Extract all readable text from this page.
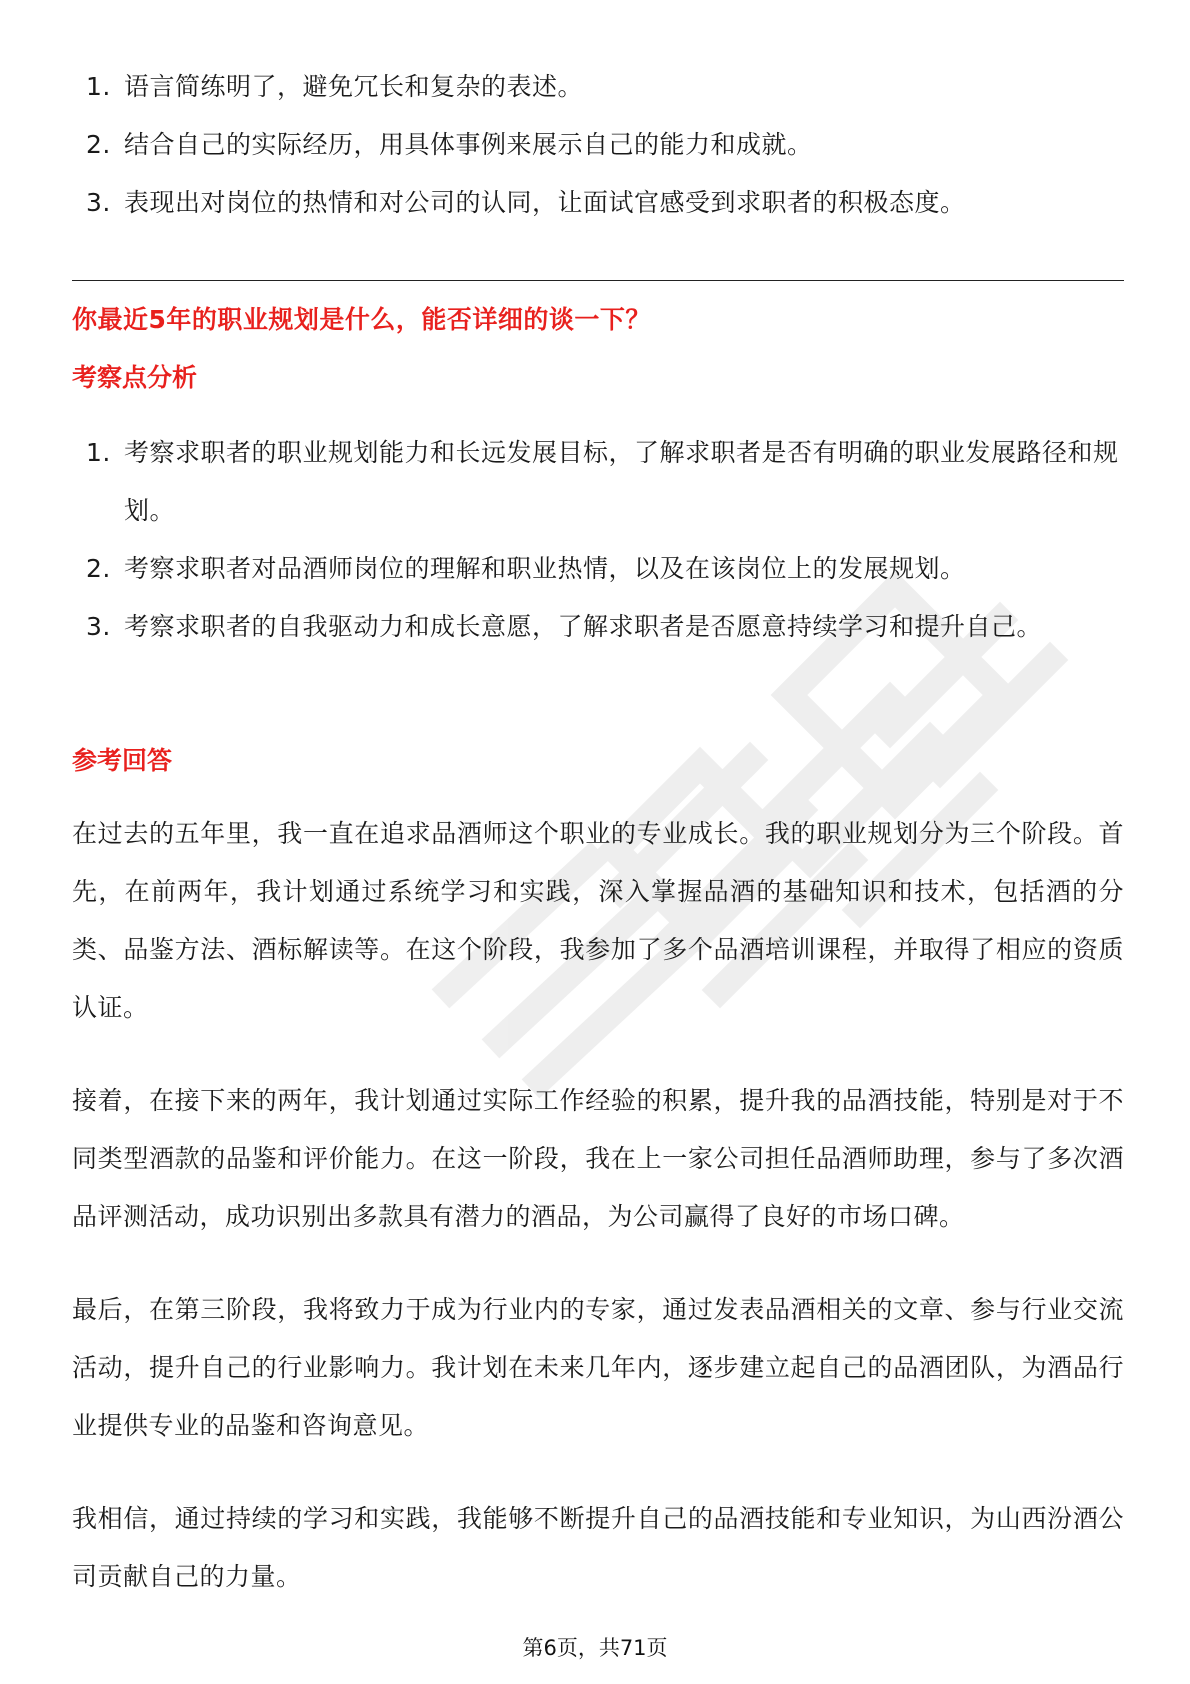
1. 语言简练明了，避免冗长和复杂的表述。
2. 结合自己的实际经历，用具体事例来展示自己的能力和成就。
3. 表现出对岗位的热情和对公司的认同，让面试官感受到求职者的积极态度。
你最近5年的职业规划是什么，能否详细的谈一下？
考察点分析
1. 考察求职者的职业规划能力和长远发展目标，了解求职者是否有明确的职业发展路径和规划。
2. 考察求职者对品酒师岗位的理解和职业热情，以及在该岗位上的发展规划。
3. 考察求职者的自我驱动力和成长意愿，了解求职者是否愿意持续学习和提升自己。
参考回答

在过去的五年里，我一直在追求品酒师这个职业的专业成长。我的职业规划分为三个阶段。首先，在前两年，我计划通过系统学习和实践，深入掌握品酒的基础知识和技术，包括酒的分类、品鉴方法、酒标解读等。在这个阶段，我参加了多个品酒培训课程，并取得了相应的资质认证。

接着，在接下来的两年，我计划通过实际工作经验的积累，提升我的品酒技能，特别是对于不同类型酒款的品鉴和评价能力。在这一阶段，我在上一家公司担任品酒师助理，参与了多次酒品评测活动，成功识别出多款具有潜力的酒品，为公司赢得了良好的市场口碑。

最后，在第三阶段，我将致力于成为行业内的专家，通过发表品酒相关的文章、参与行业交流活动，提升自己的行业影响力。我计划在未来几年内，逐步建立起自己的品酒团队，为酒品行业提供专业的品鉴和咨询意见。

我相信，通过持续的学习和实践，我能够不断提升自己的品酒技能和专业知识，为山西汾酒公司贡献自己的力量。

第6页，共71页
